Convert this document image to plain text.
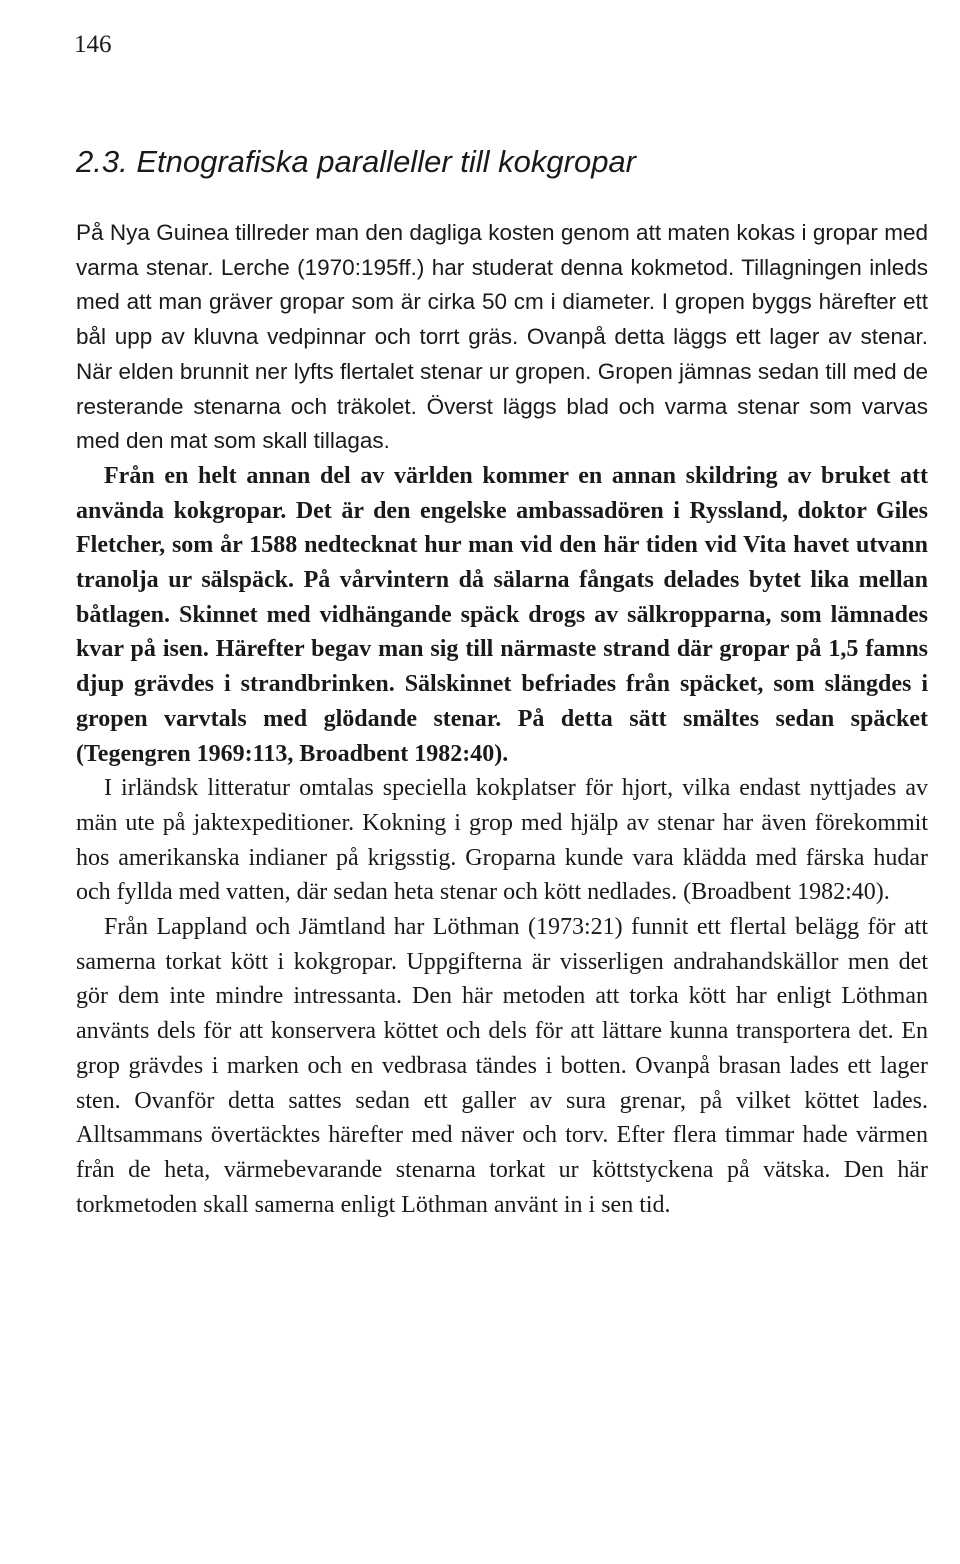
146
2.3. Etnografiska paralleller till kokgropar

På Nya Guinea tillreder man den dagliga kosten genom att maten kokas i gropar med varma stenar. Lerche (1970:195ff.) har studerat denna kokmetod. Tillagningen inleds med att man gräver gropar som är cirka 50 cm i diameter. I gropen byggs härefter ett bål upp av kluvna vedpinnar och torrt gräs. Ovanpå detta läggs ett lager av stenar. När elden brunnit ner lyfts flertalet stenar ur gropen. Gropen jämnas sedan till med de resterande stenarna och träkolet. Överst läggs blad och varma stenar som varvas med den mat som skall tillagas.

Från en helt annan del av världen kommer en annan skildring av bruket att använda kokgropar. Det är den engelske ambassadören i Ryssland, doktor Giles Fletcher, som år 1588 nedtecknat hur man vid den här tiden vid Vita havet utvann tranolja ur sälspäck. På vårvintern då sälarna fångats delades bytet lika mellan båtlagen. Skinnet med vidhängande späck drogs av sälkropparna, som lämnades kvar på isen. Härefter begav man sig till närmaste strand där gropar på 1,5 famns djup grävdes i strandbrinken. Sälskinnet befriades från späcket, som slängdes i gropen varvtals med glödande stenar. På detta sätt smältes sedan späcket (Tegengren 1969:113, Broadbent 1982:40).

I irländsk litteratur omtalas speciella kokplatser för hjort, vilka endast nyttjades av män ute på jaktexpeditioner. Kokning i grop med hjälp av stenar har även förekommit hos amerikanska indianer på krigsstig. Groparna kunde vara klädda med färska hudar och fyllda med vatten, där sedan heta stenar och kött nedlades. (Broadbent 1982:40).

Från Lappland och Jämtland har Löthman (1973:21) funnit ett flertal belägg för att samerna torkat kött i kokgropar. Uppgifterna är visserligen andrahandskällor men det gör dem inte mindre intressanta. Den här metoden att torka kött har enligt Löthman använts dels för att konservera köttet och dels för att lättare kunna transportera det. En grop grävdes i marken och en vedbrasa tändes i botten. Ovanpå brasan lades ett lager sten. Ovanför detta sattes sedan ett galler av sura grenar, på vilket köttet lades. Alltsammans övertäcktes härefter med näver och torv. Efter flera timmar hade värmen från de heta, värmebevarande stenarna torkat ur köttstyckena på vätska. Den här torkmetoden skall samerna enligt Löthman använt in i sen tid.
